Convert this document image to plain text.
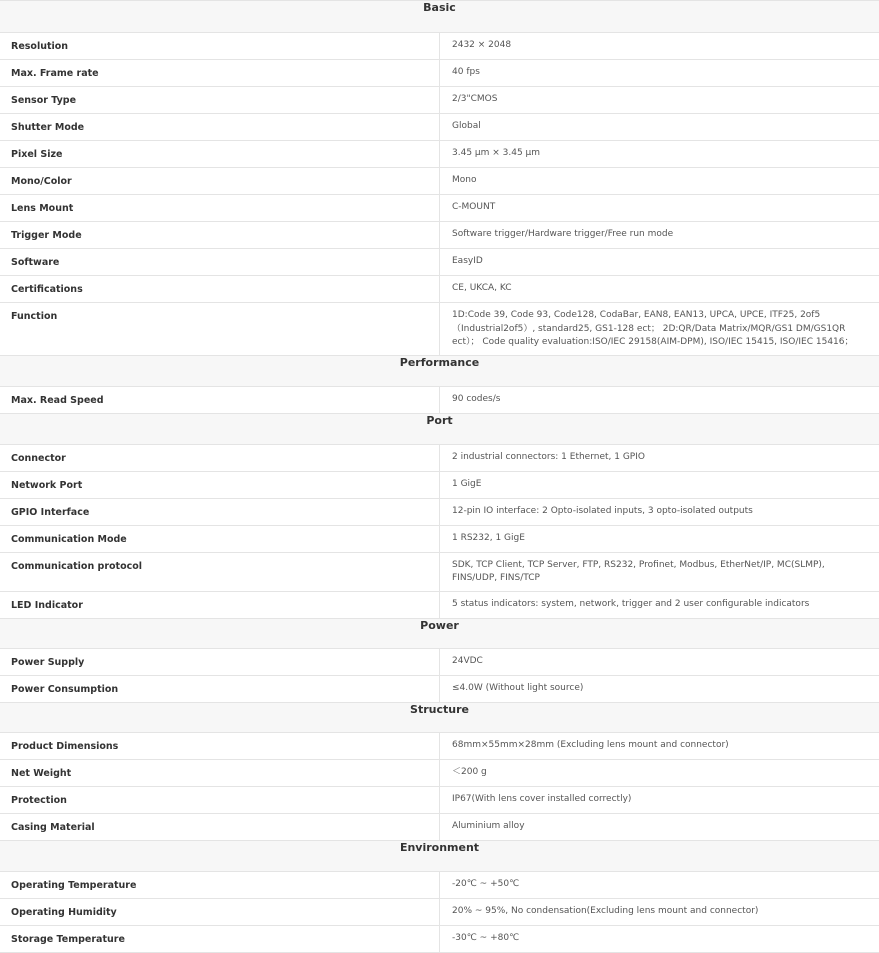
Basic	
Resolution	2432 × 2048
Max. Frame rate	40 fps
Sensor Type	2/3"CMOS
Shutter Mode	Global
Pixel Size	3.45 μm × 3.45 μm
Mono/Color	Mono
Lens Mount	C-MOUNT
Trigger Mode	Software trigger/Hardware trigger/Free run mode
Software	EasyID
Certifications	CE, UKCA, KC
Function	1D:Code 39, Code 93, Code128, CodaBar, EAN8, EAN13, UPCA, UPCE, ITF25, 2of5（Industrial2of5）, standard25, GS1-128 ect； 2D:QR/Data Matrix/MQR/GS1 DM/GS1QR ect）； Code quality evaluation:ISO/IEC 29158(AIM-DPM), ISO/IEC 15415, ISO/IEC 15416；
Performance	
Max. Read Speed	90 codes/s
Port	
Connector	2 industrial connectors: 1 Ethernet, 1 GPIO
Network Port	1 GigE
GPIO Interface	12-pin IO interface: 2 Opto-isolated inputs, 3 opto-isolated outputs
Communication Mode	1 RS232, 1 GigE
Communication protocol	SDK, TCP Client, TCP Server, FTP, RS232, Profinet, Modbus, EtherNet/IP, MC(SLMP), FINS/UDP, FINS/TCP
LED Indicator	5 status indicators: system, network, trigger and 2 user configurable indicators
Power	
Power Supply	24VDC
Power Consumption	≤4.0W (Without light source)
Structure	
Product Dimensions	68mm×55mm×28mm (Excluding lens mount and connector)
Net Weight	＜200 g
Protection	IP67(With lens cover installed correctly)
Casing Material	Aluminium alloy
Environment	
Operating Temperature	-20℃ ~ +50℃
Operating Humidity	20% ~ 95%, No condensation(Excluding lens mount and connector)
Storage Temperature	-30℃ ~ +80℃
